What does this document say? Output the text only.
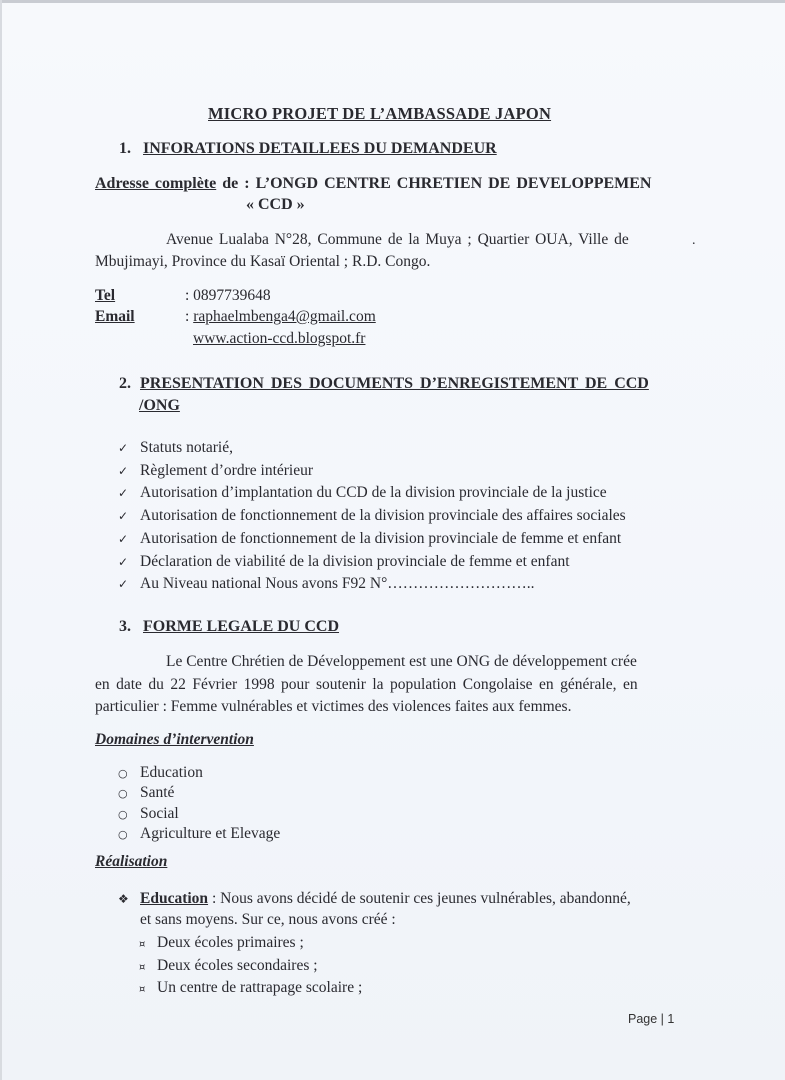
MICRO PROJET DE L’AMBASSADE JAPON
1. INFORATIONS DETAILLEES DU DEMANDEUR
Adresse complète de : L’ONGD CENTRE CHRETIEN DE DEVELOPPEMEN
« CCD »
Avenue Lualaba N°28, Commune de la Muya ; Quartier OUA, Ville de	.
Mbujimayi, Province du Kasaï Oriental ; R.D. Congo.
Tel	: 0897739648
Email	: raphaelmbenga4@gmail.com
www.action-ccd.blogspot.fr
2. PRESENTATION DES DOCUMENTS D’ENREGISTEMENT DE CCD
/ONG
✓ Statuts notarié,
✓ Règlement d’ordre intérieur
✓ Autorisation d’implantation du CCD de la division provinciale de la justice
✓ Autorisation de fonctionnement de la division provinciale des affaires sociales
✓ Autorisation de fonctionnement de la division provinciale de femme et enfant
✓ Déclaration de viabilité de la division provinciale de femme et enfant
✓ Au Niveau national Nous avons F92 N°………………………..
3. FORME LEGALE DU CCD

Le Centre Chrétien de Développement est une ONG de développement crée

en date du 22 Février 1998 pour soutenir la population Congolaise en générale, en

particulier : Femme vulnérables et victimes des violences faites aux femmes.

Domaines d’intervention
○ Education
○ Santé
○ Social
○ Agriculture et Elevage
Réalisation
❖ Education : Nous avons décidé de soutenir ces jeunes vulnérables, abandonné,
et sans moyens. Sur ce, nous avons créé :
¤ Deux écoles primaires ;
¤ Deux écoles secondaires ;
¤ Un centre de rattrapage scolaire ;
Page | 1
